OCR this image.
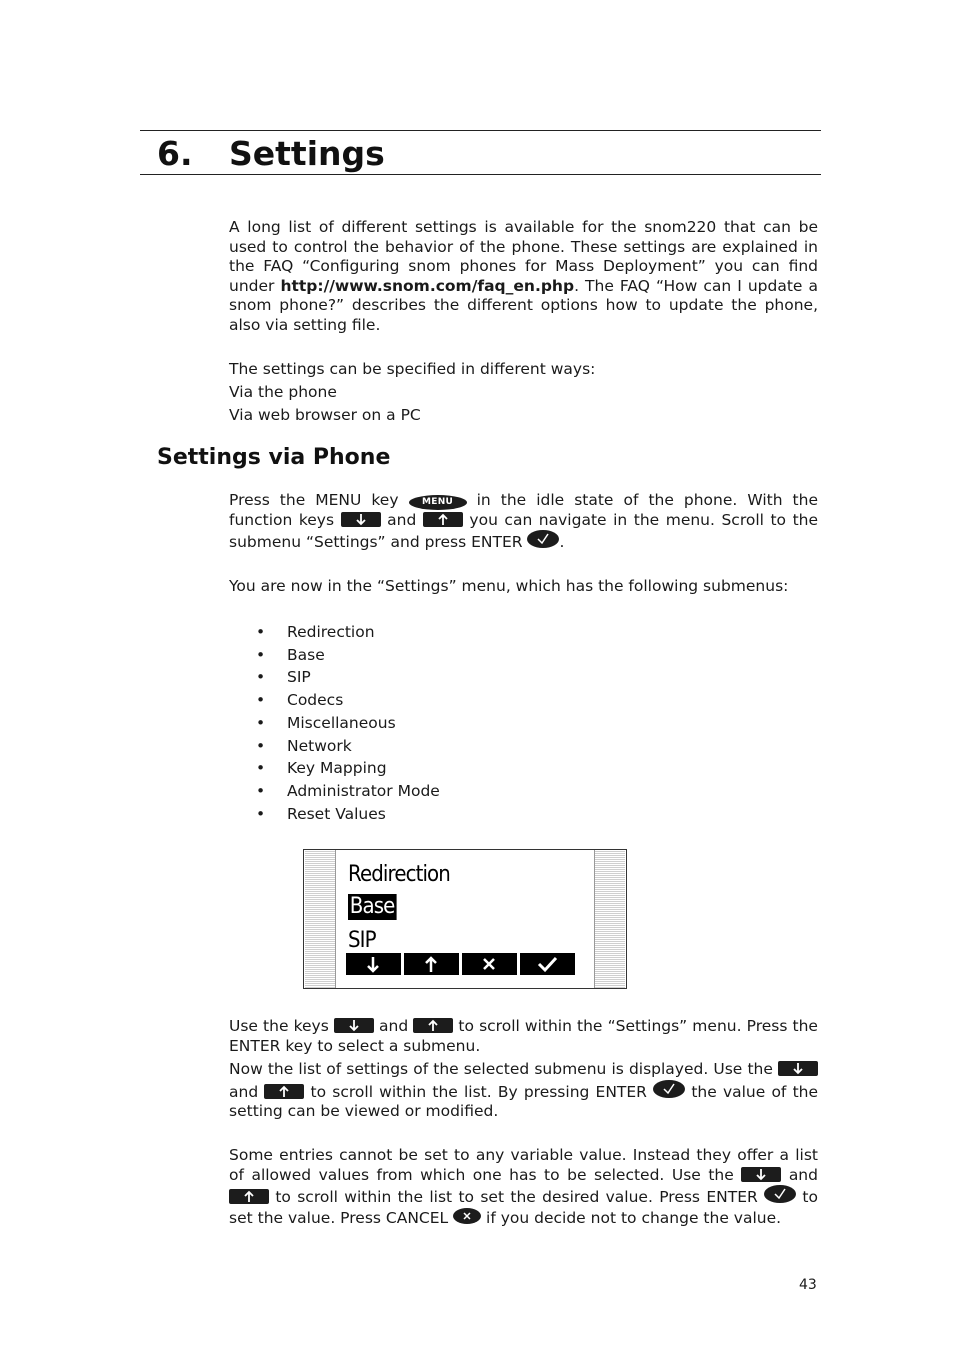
6. Settings

A long list of different settings is available for the snom220 that can be used to control the behavior of the phone. These settings are explained in the FAQ “Configuring snom phones for Mass Deployment” you can find under http://www.snom.com/faq_en.php. The FAQ “How can I update a snom phone?” describes the different options how to update the phone, also via setting file.

The settings can be specified in different ways:

Via the phone

Via web browser on a PC

Settings via Phone

Press the MENU key	MENU in the idle state of the phone. With the function keys	and	you can navigate in the menu. Scroll to the submenu “Settings” and press ENTER .

You are now in the “Settings” menu, which has the following submenus:

• Redirection
• Base
• SIP
• Codecs
• Miscellaneous
• Network
• Key Mapping
• Administrator Mode
• Reset Values
Redirection
Base
SIP

Use the keys	and	to scroll within the “Settings” menu. Press the ENTER key to select a submenu.

Now the list of settings of the selected submenu is displayed. Use the
and	to scroll within the list. By pressing ENTER	the value of the setting can be viewed or modified.

Some entries cannot be set to any variable value. Instead they offer a list of allowed values from which one has to be selected. Use the	and
to scroll within the list to set the desired value. Press ENTER	to set the value. Press CANCEL if you decide not to change the value.

43
